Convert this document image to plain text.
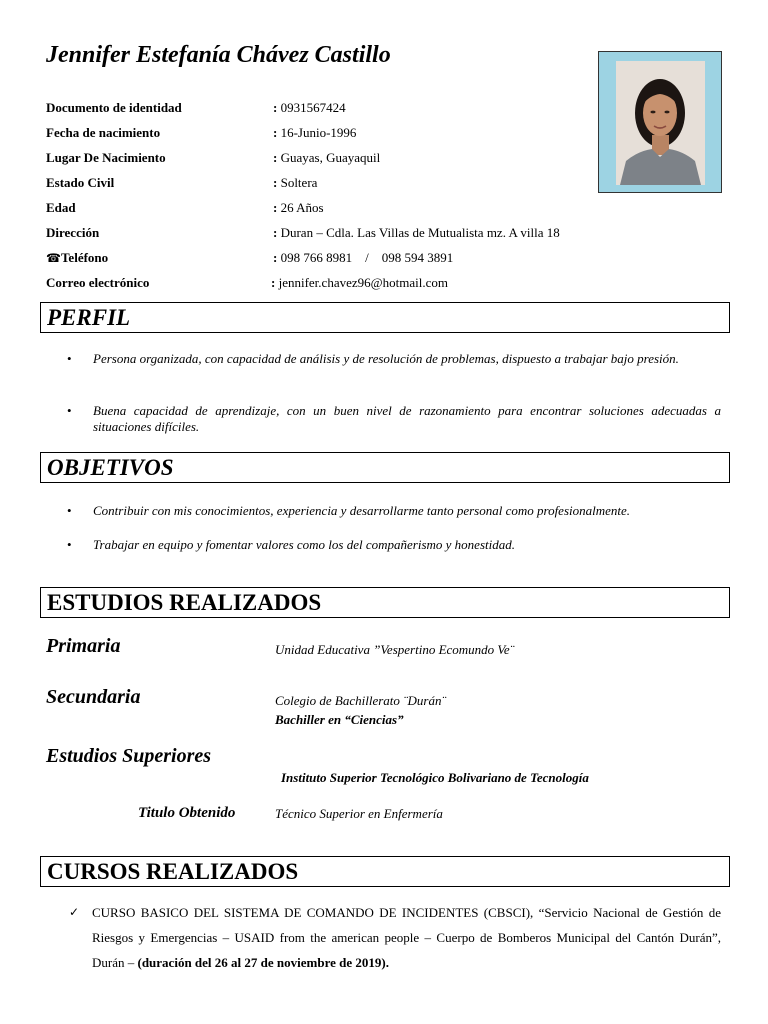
Jennifer Estefanía Chávez Castillo
Documento de identidad	: 0931567424
Fecha de nacimiento	: 16-Junio-1996
Lugar De Nacimiento	: Guayas, Guayaquil
Estado Civil	: Soltera
Edad	: 26 Años
Dirección	: Duran – Cdla. Las Villas de Mutualista mz. A villa 18
☎Teléfono	: 098 766 8981    /    098 594 3891
Correo electrónico	: jennifer.chavez96@hotmail.com
PERFIL
• Persona organizada, con capacidad de análisis y de resolución de problemas, dispuesto a trabajar bajo presión.
• Buena capacidad de aprendizaje, con un buen nivel de razonamiento para encontrar soluciones adecuadas a situaciones difíciles.
OBJETIVOS
• Contribuir con mis conocimientos, experiencia y desarrollarme tanto personal como profesionalmente.
• Trabajar en equipo y fomentar valores como los del compañerismo y honestidad.
ESTUDIOS REALIZADOS
Primaria	Unidad Educativa ”Vespertino Ecomundo Ve¨
Secundaria	Colegio de Bachillerato ¨Durán¨
Bachiller en “Ciencias”
Estudios Superiores
Instituto Superior Tecnológico Bolivariano de Tecnología
Titulo Obtenido	Técnico Superior en Enfermería
CURSOS REALIZADOS
✓ CURSO BASICO DEL SISTEMA DE COMANDO DE INCIDENTES (CBSCI), “Servicio Nacional de Gestión de Riesgos y Emergencias – USAID from the american people – Cuerpo de Bomberos Municipal del Cantón Durán”, Durán – (duración del 26 al 27 de noviembre de 2019).
